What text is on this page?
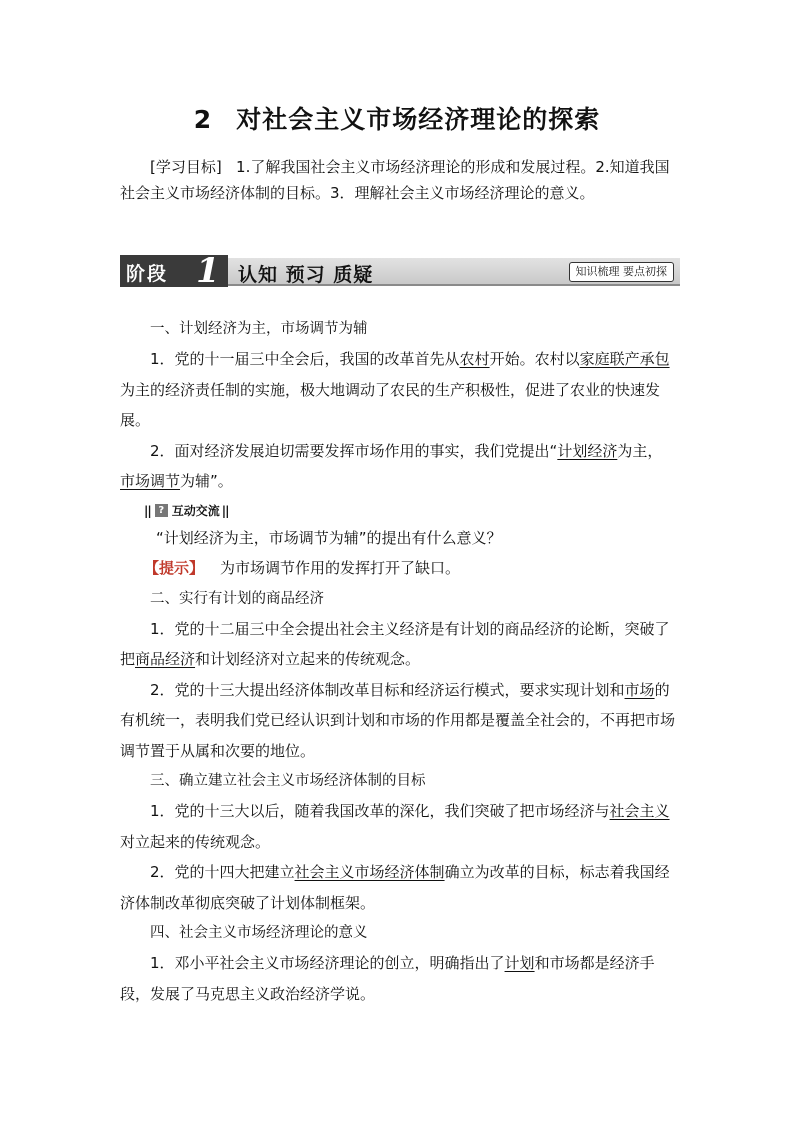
2 对社会主义市场经济理论的探索
[学习目标] 1.了解我国社会主义市场经济理论的形成和发展过程。2.知道我国社会主义市场经济体制的目标。3．理解社会主义市场经济理论的意义。
阶段 1 认知 预习 质疑	知识梳理 要点初探

一、计划经济为主，市场调节为辅

1．党的十一届三中全会后，我国的改革首先从农村开始。农村以家庭联产承包为主的经济责任制的实施，极大地调动了农民的生产积极性，促进了农业的快速发展。

2．面对经济发展迫切需要发挥市场作用的事实，我们党提出“计划经济为主，市场调节为辅”。

|| ? 互动交流 ||

“计划经济为主，市场调节为辅”的提出有什么意义？

【提示】 为市场调节作用的发挥打开了缺口。

二、实行有计划的商品经济

1．党的十二届三中全会提出社会主义经济是有计划的商品经济的论断，突破了把商品经济和计划经济对立起来的传统观念。

2．党的十三大提出经济体制改革目标和经济运行模式，要求实现计划和市场的有机统一，表明我们党已经认识到计划和市场的作用都是覆盖全社会的，不再把市场调节置于从属和次要的地位。

三、确立建立社会主义市场经济体制的目标

1．党的十三大以后，随着我国改革的深化，我们突破了把市场经济与社会主义对立起来的传统观念。

2．党的十四大把建立社会主义市场经济体制确立为改革的目标，标志着我国经济体制改革彻底突破了计划体制框架。

四、社会主义市场经济理论的意义

1．邓小平社会主义市场经济理论的创立，明确指出了计划和市场都是经济手段，发展了马克思主义政治经济学说。
